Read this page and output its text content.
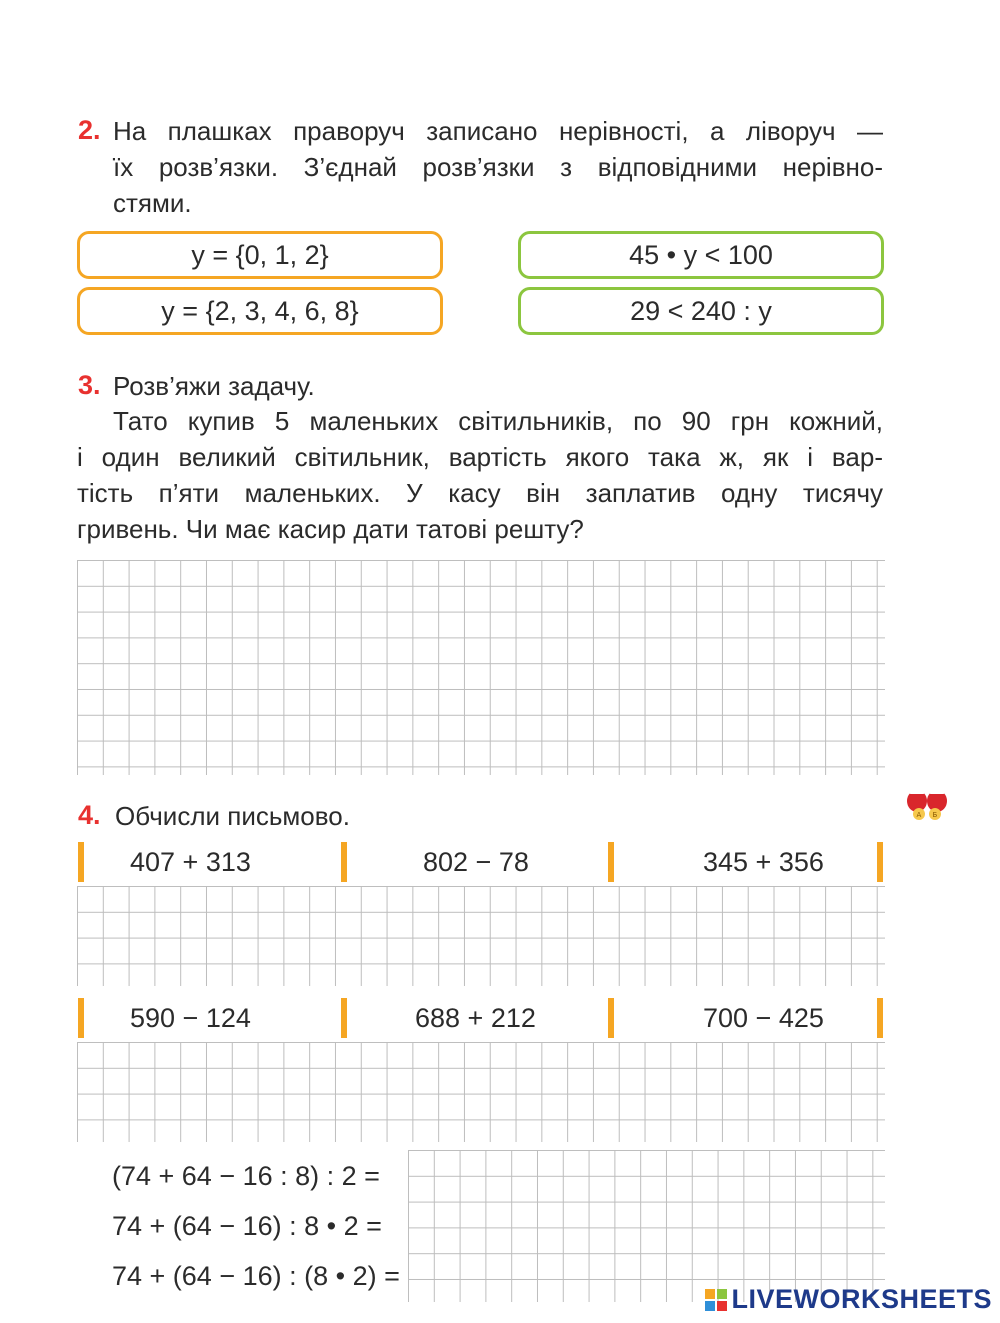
2. На плашках праворуч записано нерівності, а ліворуч —
їх розв’язки. З’єднай розв’язки з відповідними нерівно-
стями.
y = {0, 1, 2}
y = {2, 3, 4, 6, 8}
45 • y < 100
29 < 240 : y
3. Розв’яжи задачу.
Тато купив 5 маленьких світильників, по 90 грн кожний,
і один великий світильник, вартість якого така ж, як і вар-
тість п’яти маленьких. У касу він заплатив одну тисячу
гривень. Чи має касир дати татові решту?
A Б
4. Обчисли письмово.
407 + 313	802 − 78	345 + 356
590 − 124	688 + 212	700 − 425
(74 + 64 − 16 : 8) : 2 =
74 + (64 − 16) : 8 • 2 =
74 + (64 − 16) : (8 • 2) =
LIVEWORKSHEETS
